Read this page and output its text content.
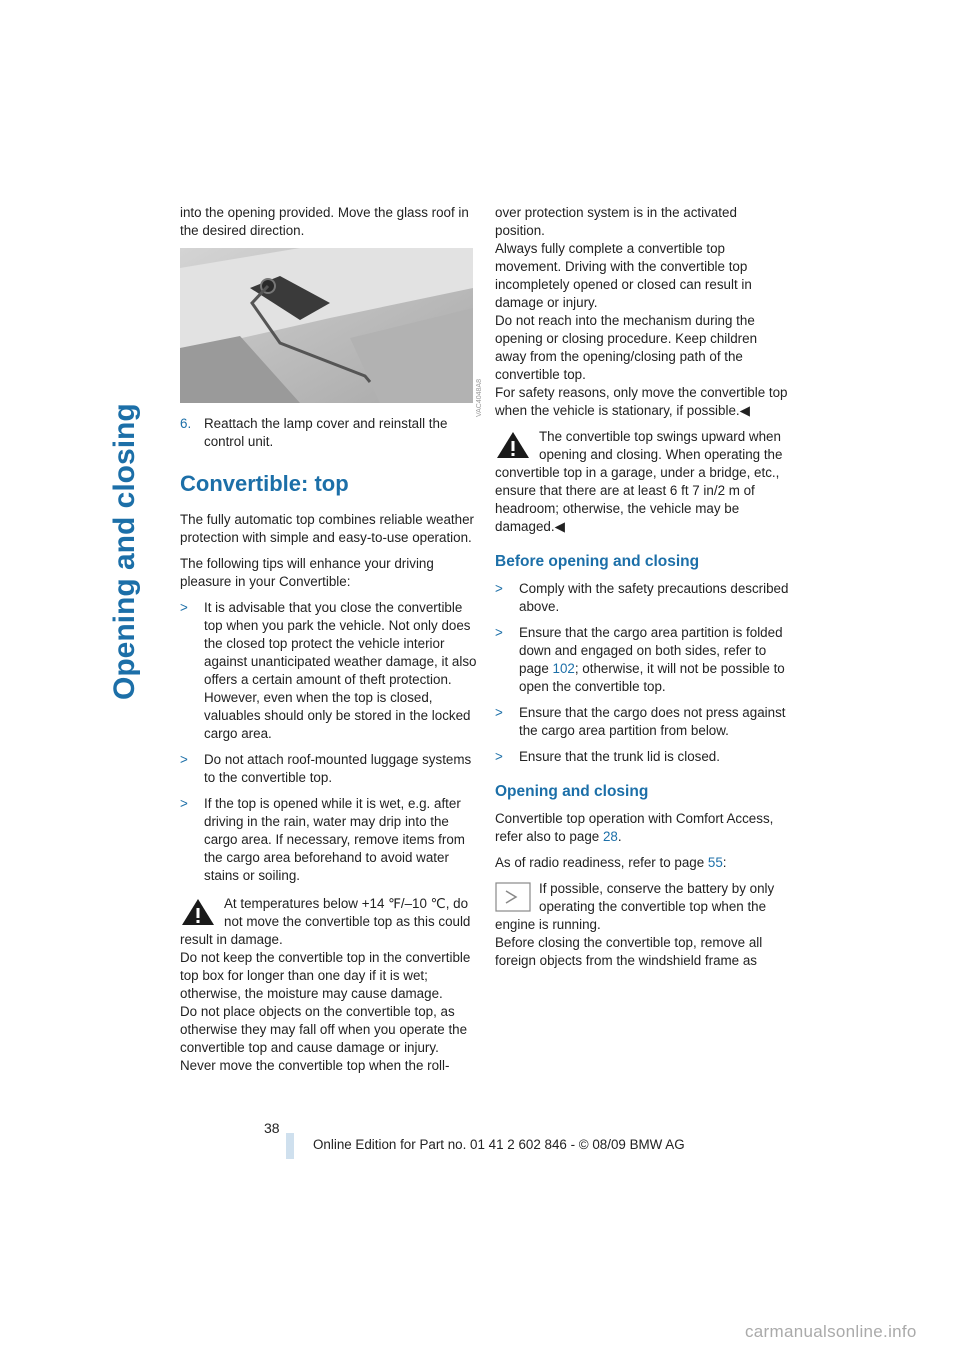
Opening and closing

into the opening provided. Move the glass roof in the desired direction.

VAC4048A8
6. Reattach the lamp cover and reinstall the control unit.
Convertible: top

The fully automatic top combines reliable weather protection with simple and easy-to-use operation.

The following tips will enhance your driving pleasure in your Convertible:

> It is advisable that you close the convertible top when you park the vehicle. Not only does the closed top protect the vehicle interior against unanticipated weather damage, it also offers a certain amount of theft protection. However, even when the top is closed, valuables should only be stored in the locked cargo area.
> Do not attach roof-mounted luggage systems to the convertible top.
> If the top is opened while it is wet, e.g. after driving in the rain, water may drip into the cargo area. If necessary, remove items from the cargo area beforehand to avoid water stains or soiling.
At temperatures below +14 ℉/–10 ℃, do not move the convertible top as this could result in damage.
Do not keep the convertible top in the convertible top box for longer than one day if it is wet; otherwise, the moisture may cause damage.
Do not place objects on the convertible top, as otherwise they may fall off when you operate the convertible top and cause damage or injury.
Never move the convertible top when the roll-
over protection system is in the activated position.
Always fully complete a convertible top movement. Driving with the convertible top incompletely opened or closed can result in damage or injury.
Do not reach into the mechanism during the opening or closing procedure. Keep children away from the opening/closing path of the convertible top.
For safety reasons, only move the convertible top when the vehicle is stationary, if possible.◀
The convertible top swings upward when opening and closing. When operating the convertible top in a garage, under a bridge, etc., ensure that there are at least 6 ft 7 in/2 m of headroom; otherwise, the vehicle may be damaged.◀
Before opening and closing
> Comply with the safety precautions described above.
> Ensure that the cargo area partition is folded down and engaged on both sides, refer to page 102; otherwise, it will not be possible to open the convertible top.
> Ensure that the cargo does not press against the cargo area partition from below.
> Ensure that the trunk lid is closed.
Opening and closing

Convertible top operation with Comfort Access, refer also to page 28.

As of radio readiness, refer to page 55:

If possible, conserve the battery by only operating the convertible top when the engine is running.
Before closing the convertible top, remove all foreign objects from the windshield frame as
38
Online Edition for Part no. 01 41 2 602 846 - © 08/09 BMW AG
carmanualsonline.info
